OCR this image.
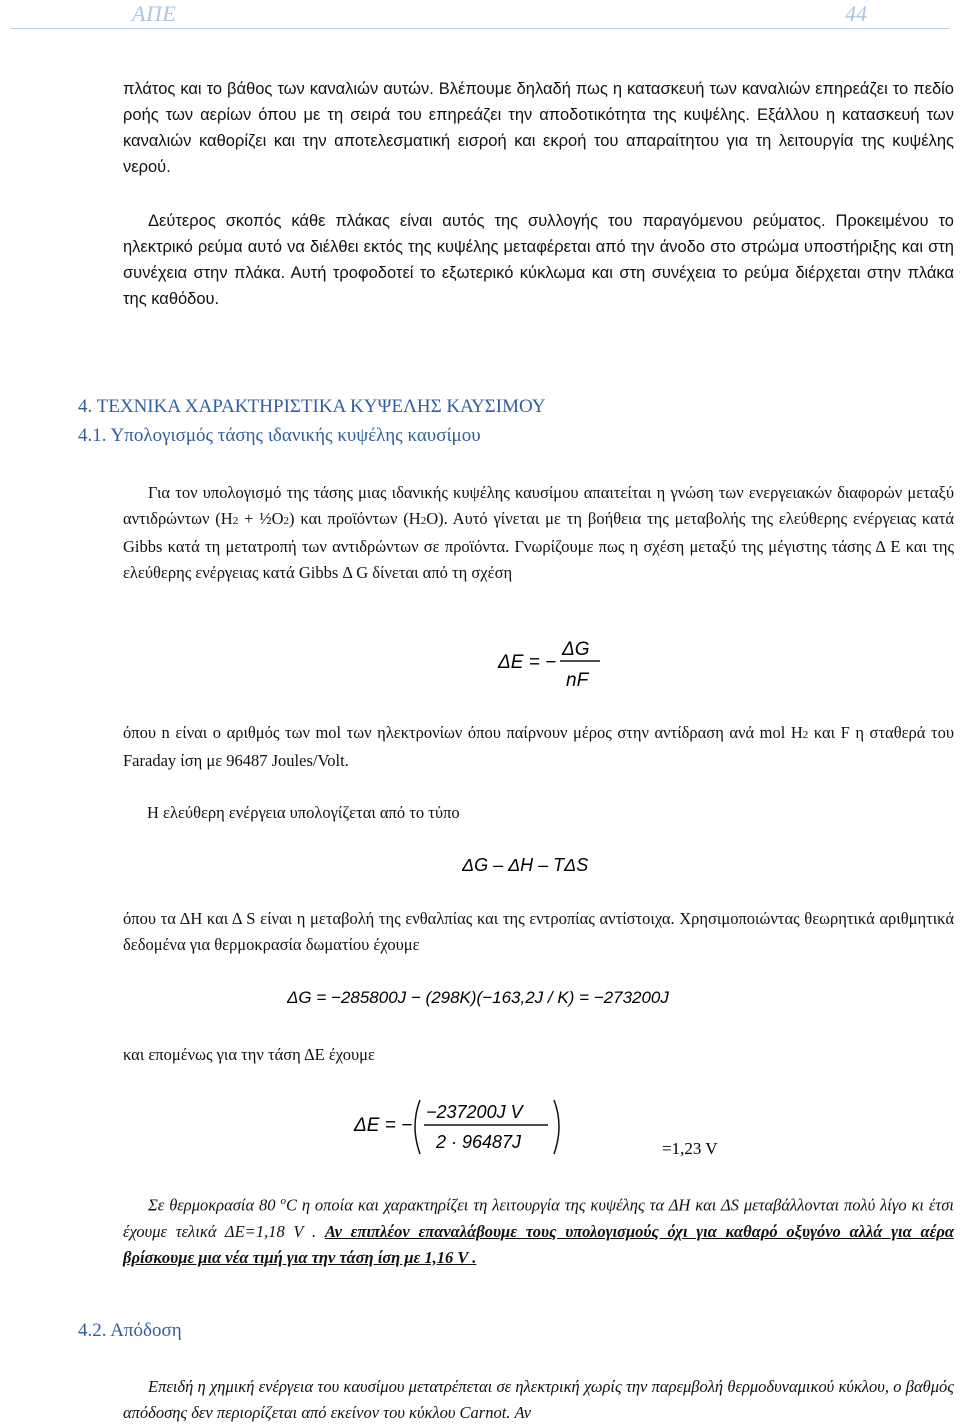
ΑΠΕ	44

πλάτος και το βάθος των καναλιών αυτών. Βλέπουμε δηλαδή πως η κατασκευή των καναλιών επηρεάζει το πεδίο ροής των αερίων όπου με τη σειρά του επηρεάζει την αποδοτικότητα της κυψέλης. Εξάλλου η κατασκευή των καναλιών καθορίζει και την αποτελεσματική εισροή και εκροή του απαραίτητου για τη λειτουργία της κυψέλης νερού.

Δεύτερος σκοπός κάθε πλάκας είναι αυτός της συλλογής του παραγόμενου ρεύματος. Προκειμένου το ηλεκτρικό ρεύμα αυτό να διέλθει εκτός της κυψέλης μεταφέρεται από την άνοδο στο στρώμα υποστήριξης και στη συνέχεια στην πλάκα. Αυτή τροφοδοτεί το εξωτερικό κύκλωμα και στη συνέχεια το ρεύμα διέρχεται στην πλάκα της καθόδου.

4. ΤΕΧΝΙΚΑ ΧΑΡΑΚΤΗΡΙΣΤΙΚΑ ΚΥΨΕΛΗΣ ΚΑΥΣΙΜΟΥ
4.1. Υπολογισμός τάσης ιδανικής κυψέλης καυσίμου

Για τον υπολογισμό της τάσης μιας ιδανικής κυψέλης καυσίμου απαιτείται η γνώση των ενεργειακών διαφορών μεταξύ αντιδρώντων (H2 + ½O2) και προϊόντων (H2O). Αυτό γίνεται με τη βοήθεια της μεταβολής της ελεύθερης ενέργειας κατά Gibbs κατά τη μετατροπή των αντιδρώντων σε προϊόντα. Γνωρίζουμε πως η σχέση μεταξύ της μέγιστης τάσης Δ E και της ελεύθερης ενέργειας κατά Gibbs Δ G δίνεται από τη σχέση

ΔE = −
ΔG
nF

όπου n είναι ο αριθμός των mol των ηλεκτρονίων όπου παίρνουν μέρος στην αντίδραση ανά mol H2 και F η σταθερά του Faraday ίση με 96487 Joules/Volt.

H ελεύθερη ενέργεια υπολογίζεται από το τύπο

ΔG – ΔH – TΔS

όπου τα ΔH και Δ S είναι η μεταβολή της ενθαλπίας και της εντροπίας αντίστοιχα. Χρησιμοποιώντας θεωρητικά αριθμητικά δεδομένα για θερμοκρασία δωματίου έχουμε

ΔG = −285800J − (298K)(−163,2J / K) = −273200J

και επομένως για την τάση ΔE έχουμε

ΔE = −
−237200J V
2 · 96487J	=1,23 V

Σε θερμοκρασία 80 $^o$C η οποία και χαρακτηρίζει τη λειτουργία της κυψέλης τα ΔH και ΔS μεταβάλλονται πολύ λίγο κι έτσι έχουμε τελικά ΔE=1,18 V . Αν επιπλέον επαναλάβουμε τους υπολογισμούς όχι για καθαρό οξυγόνο αλλά για αέρα βρίσκουμε μια νέα τιμή για την τάση ίση με 1,16 V .

4.2. Απόδοση

Επειδή η χημική ενέργεια του καυσίμου μετατρέπεται σε ηλεκτρική χωρίς την παρεμβολή θερμοδυναμικού κύκλου, ο βαθμός απόδοσης δεν περιορίζεται από εκείνον του κύκλου Carnot. Αν
